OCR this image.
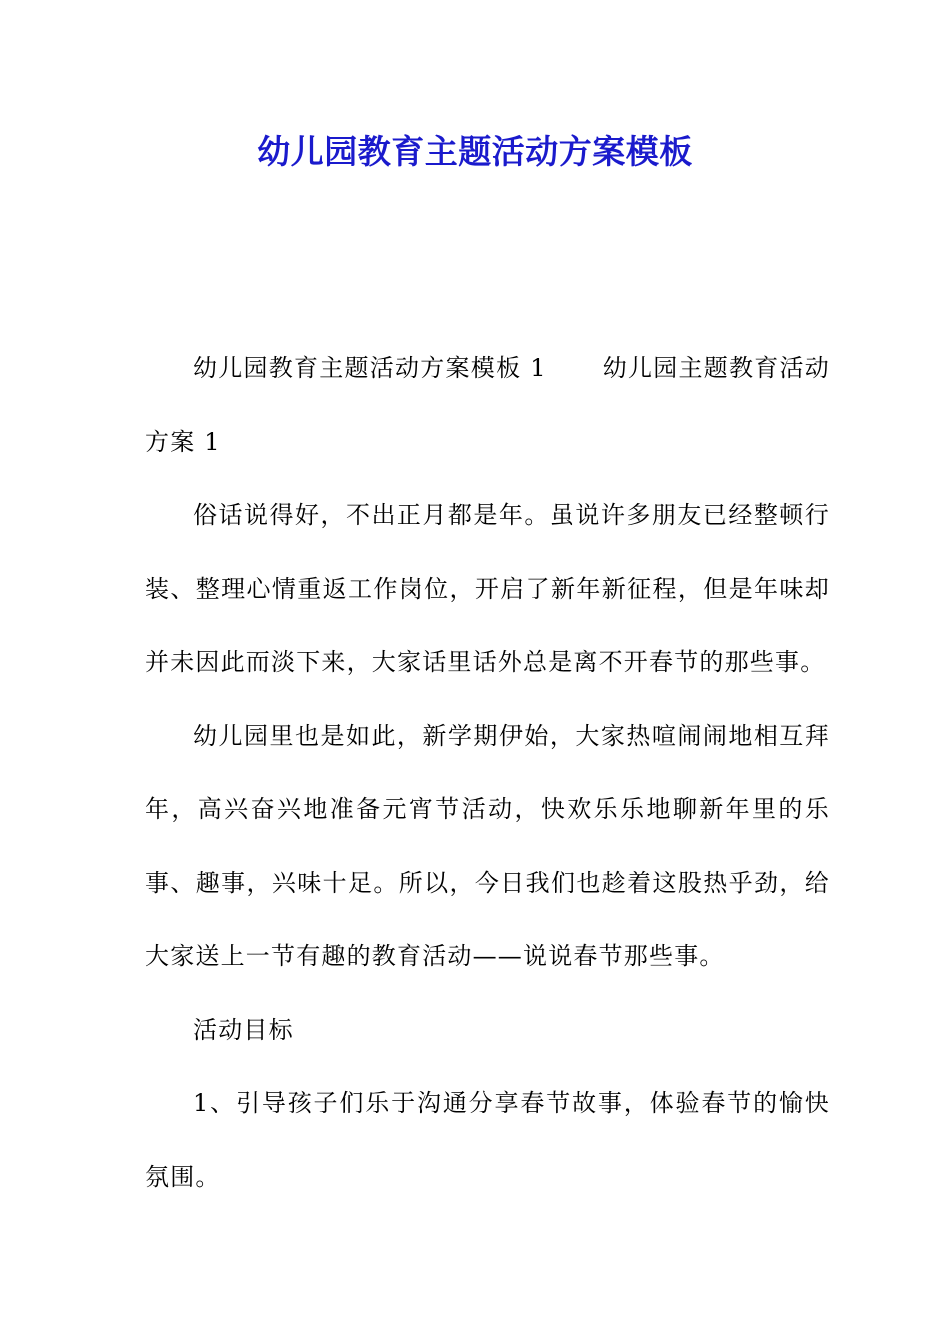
幼儿园教育主题活动方案模板

幼儿园教育主题活动方案模板 1 幼儿园主题教育活动方案 1

俗话说得好，不出正月都是年。虽说许多朋友已经整顿行装、整理心情重返工作岗位，开启了新年新征程，但是年味却并未因此而淡下来，大家话里话外总是离不开春节的那些事。

幼儿园里也是如此，新学期伊始，大家热喧闹闹地相互拜年，高兴奋兴地准备元宵节活动，快欢乐乐地聊新年里的乐事、趣事，兴味十足。所以，今日我们也趁着这股热乎劲，给大家送上一节有趣的教育活动——说说春节那些事。

活动目标

1、引导孩子们乐于沟通分享春节故事，体验春节的愉快氛围。
